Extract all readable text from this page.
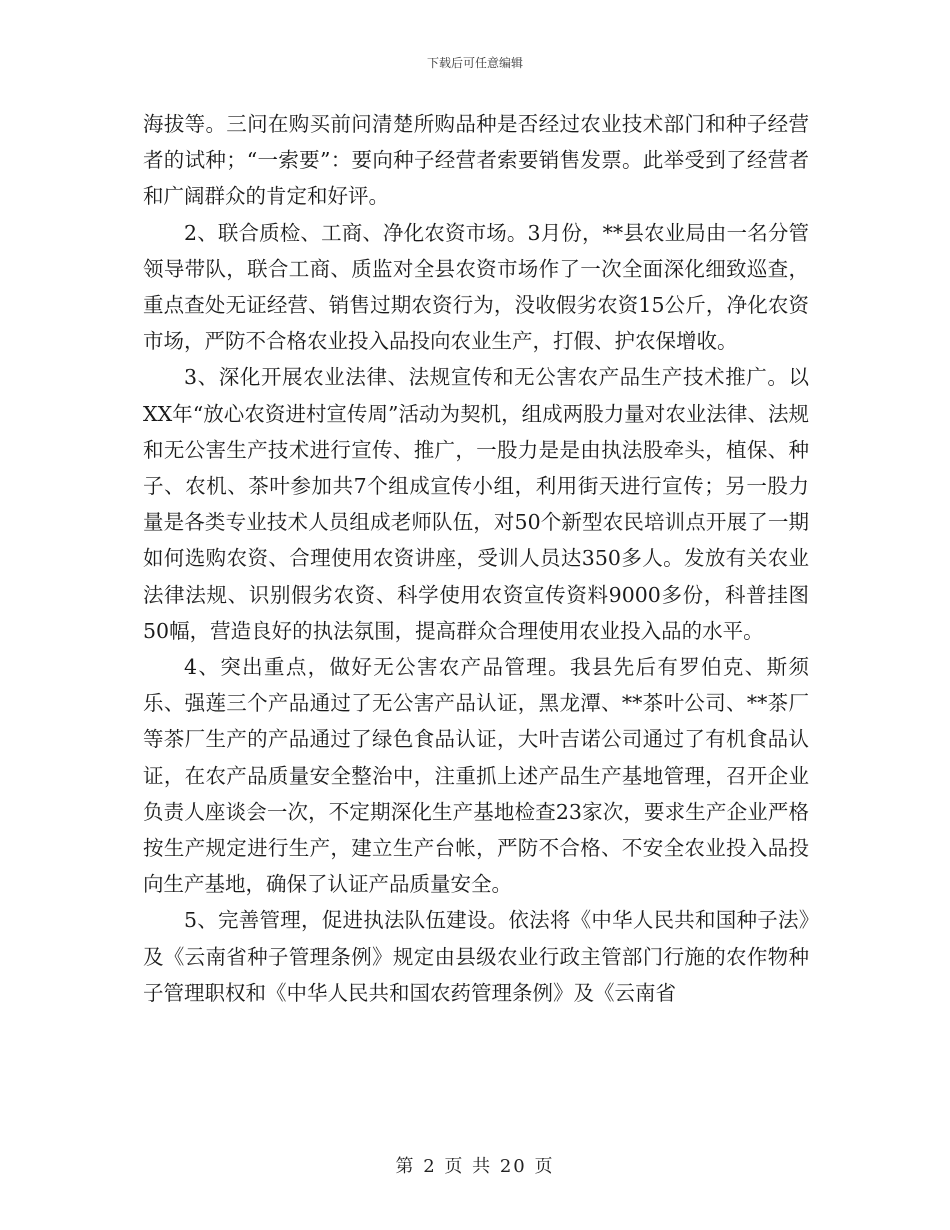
下载后可任意编辑

海拔等。三问在购买前问清楚所购品种是否经过农业技术部门和种子经营者的试种；“一索要”：要向种子经营者索要销售发票。此举受到了经营者和广阔群众的肯定和好评。

2、联合质检、工商、净化农资市场。3月份，**县农业局由一名分管领导带队，联合工商、质监对全县农资市场作了一次全面深化细致巡查，重点查处无证经营、销售过期农资行为，没收假劣农资15公斤，净化农资市场，严防不合格农业投入品投向农业生产，打假、护农保增收。

3、深化开展农业法律、法规宣传和无公害农产品生产技术推广。以XX年“放心农资进村宣传周”活动为契机，组成两股力量对农业法律、法规和无公害生产技术进行宣传、推广，一股力是是由执法股牵头，植保、种子、农机、茶叶参加共7个组成宣传小组，利用街天进行宣传；另一股力量是各类专业技术人员组成老师队伍，对50个新型农民培训点开展了一期如何选购农资、合理使用农资讲座，受训人员达350多人。发放有关农业法律法规、识别假劣农资、科学使用农资宣传资料9000多份，科普挂图50幅，营造良好的执法氛围，提高群众合理使用农业投入品的水平。

4、突出重点，做好无公害农产品管理。我县先后有罗伯克、斯须乐、强莲三个产品通过了无公害产品认证，黑龙潭、**茶叶公司、**茶厂等茶厂生产的产品通过了绿色食品认证，大叶吉诺公司通过了有机食品认证，在农产品质量安全整治中，注重抓上述产品生产基地管理，召开企业负责人座谈会一次，不定期深化生产基地检查23家次，要求生产企业严格按生产规定进行生产，建立生产台帐，严防不合格、不安全农业投入品投向生产基地，确保了认证产品质量安全。

5、完善管理，促进执法队伍建设。依法将《中华人民共和国种子法》及《云南省种子管理条例》规定由县级农业行政主管部门行施的农作物种子管理职权和《中华人民共和国农药管理条例》及《云南省

第 2 页 共 20 页
